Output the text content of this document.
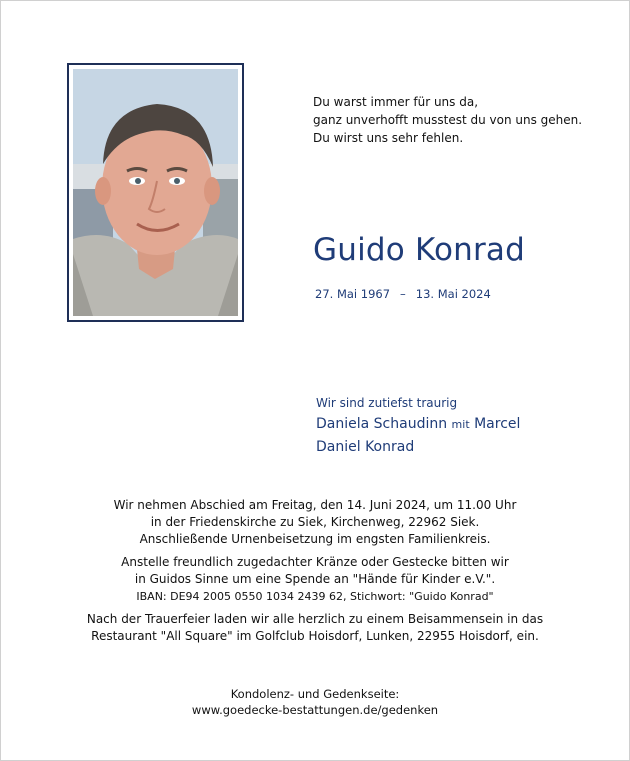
Du warst immer für uns da,
ganz unverhofft musstest du von uns gehen.
Du wirst uns sehr fehlen.
Guido Konrad
27. Mai 1967 – 13. Mai 2024
Wir sind zutiefst traurig
Daniela Schaudinn mit Marcel
Daniel Konrad
Wir nehmen Abschied am Freitag, den 14. Juni 2024, um 11.00 Uhr
in der Friedenskirche zu Siek, Kirchenweg, 22962 Siek.
Anschließende Urnenbeisetzung im engsten Familienkreis.
Anstelle freundlich zugedachter Kränze oder Gestecke bitten wir
in Guidos Sinne um eine Spende an "Hände für Kinder e.V.".
IBAN: DE94 2005 0550 1034 2439 62, Stichwort: "Guido Konrad"
Nach der Trauerfeier laden wir alle herzlich zu einem Beisammensein in das
Restaurant "All Square" im Golfclub Hoisdorf, Lunken, 22955 Hoisdorf, ein.
Kondolenz- und Gedenkseite:
www.goedecke-bestattungen.de/gedenken
